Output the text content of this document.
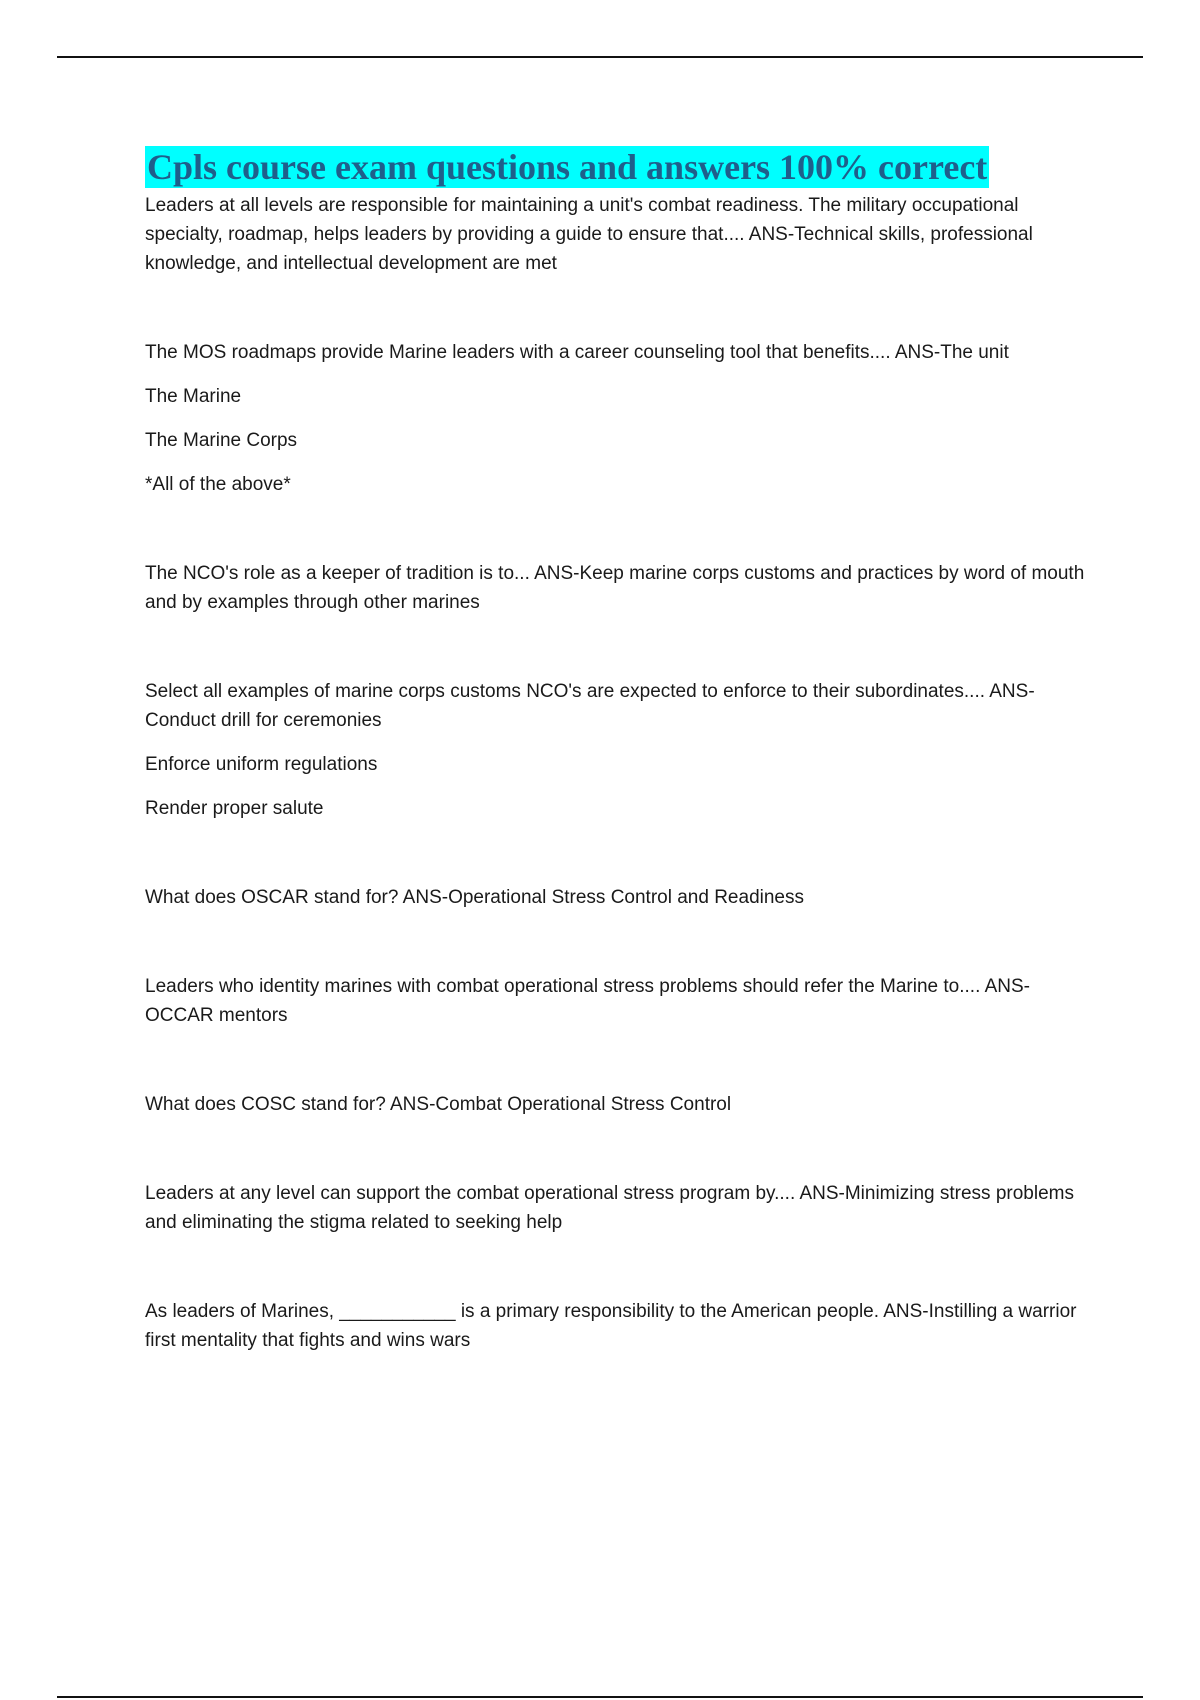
Cpls course exam questions and answers 100% correct

Leaders at all levels are responsible for maintaining a unit's combat readiness. The military occupational specialty, roadmap, helps leaders by providing a guide to ensure that.... ANS-Technical skills, professional knowledge, and intellectual development are met

The MOS roadmaps provide Marine leaders with a career counseling tool that benefits.... ANS-The unit

The Marine

The Marine Corps

*All of the above*

The NCO's role as a keeper of tradition is to... ANS-Keep marine corps customs and practices by word of mouth and by examples through other marines

Select all examples of marine corps customs NCO's are expected to enforce to their subordinates.... ANS-Conduct drill for ceremonies

Enforce uniform regulations

Render proper salute

What does OSCAR stand for? ANS-Operational Stress Control and Readiness

Leaders who identity marines with combat operational stress problems should refer the Marine to.... ANS-OCCAR mentors

What does COSC stand for? ANS-Combat Operational Stress Control

Leaders at any level can support the combat operational stress program by.... ANS-Minimizing stress problems and eliminating the stigma related to seeking help

As leaders of Marines, ___________ is a primary responsibility to the American people. ANS-Instilling a warrior first mentality that fights and wins wars
